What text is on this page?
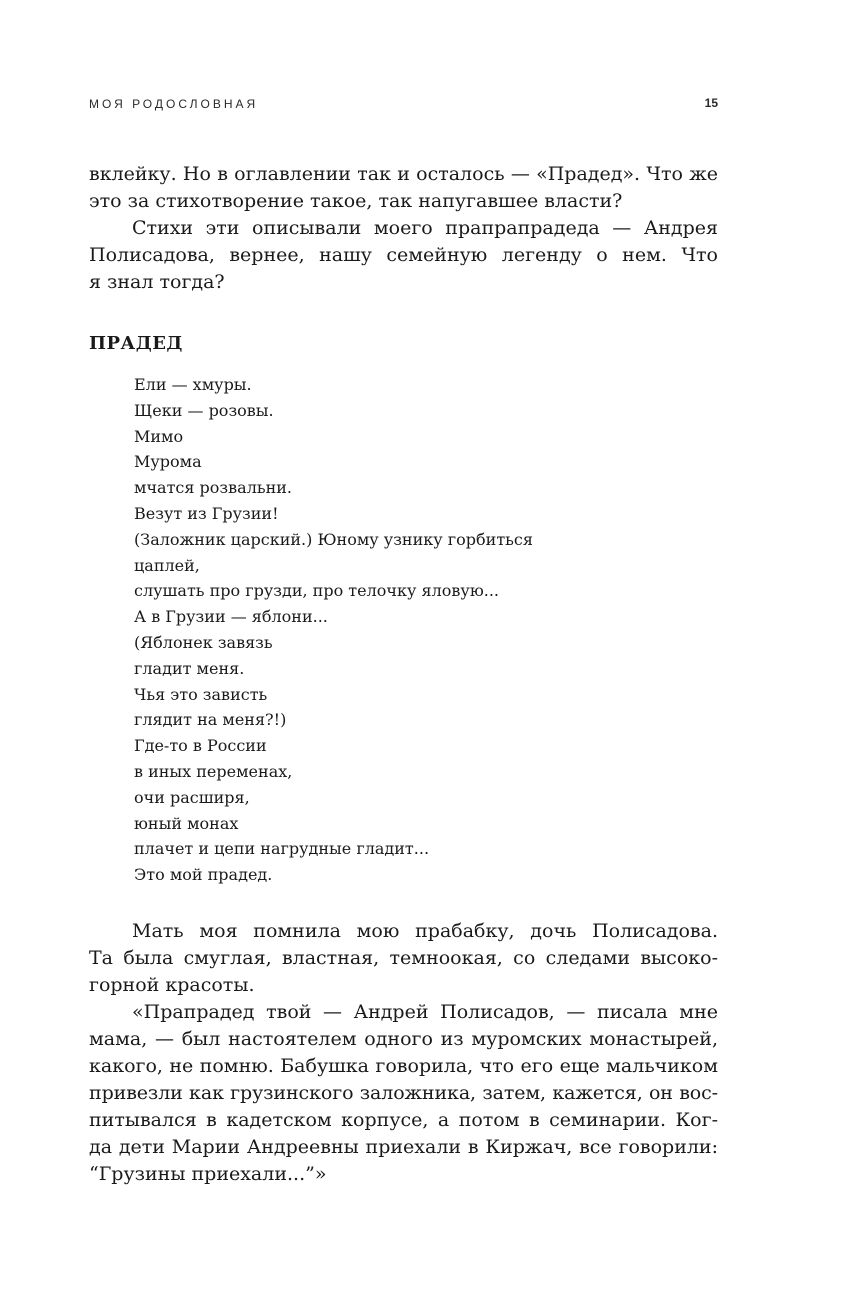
МОЯ РОДОСЛОВНАЯ	15
вклейку. Но в оглавлении так и осталось — «Прадед». Что же
это за стихотворение такое, так напугавшее власти?
Стихи эти описывали моего прапрапрадеда — Андрея
Полисадова, вернее, нашу семейную легенду о нем. Что
я знал тогда?
ПРАДЕД
Ели — хмуры.
Щеки — розовы.
Мимо
Мурома
мчатся розвальни.
Везут из Грузии!
(Заложник царский.) Юному узнику горбиться
цаплей,
слушать про грузди, про телочку яловую...
А в Грузии — яблони...
(Яблонек завязь
гладит меня.
Чья это зависть
глядит на меня?!)
Где-то в России
в иных переменах,
очи расширя,
юный монах
плачет и цепи нагрудные гладит...
Это мой прадед.
Мать моя помнила мою прабабку, дочь Полисадова.
Та была смуглая, властная, темноокая, со следами высоко-
горной красоты.
«Прапрадед твой — Андрей Полисадов, — писала мне
мама, — был настоятелем одного из муромских монастырей,
какого, не помню. Бабушка говорила, что его еще мальчиком
привезли как грузинского заложника, затем, кажется, он вос-
питывался в кадетском корпусе, а потом в семинарии. Ког-
да дети Марии Андреевны приехали в Киржач, все говорили:
“Грузины приехали...”»
